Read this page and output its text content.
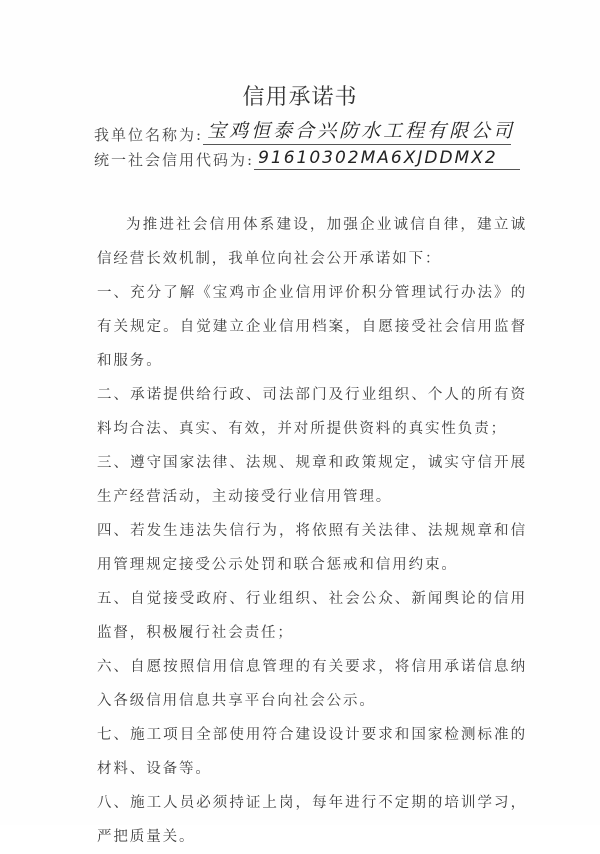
信用承诺书
我单位名称为: 宝鸡恒泰合兴防水工程有限公司
统一社会信用代码为: 91610302MA6XJDDMX2

为推进社会信用体系建设，加强企业诚信自律，建立诚信经营长效机制，我单位向社会公开承诺如下：

一、充分了解《宝鸡市企业信用评价积分管理试行办法》的有关规定。自觉建立企业信用档案，自愿接受社会信用监督和服务。

二、承诺提供给行政、司法部门及行业组织、个人的所有资料均合法、真实、有效，并对所提供资料的真实性负责；

三、遵守国家法律、法规、规章和政策规定，诚实守信开展生产经营活动，主动接受行业信用管理。

四、若发生违法失信行为，将依照有关法律、法规规章和信用管理规定接受公示处罚和联合惩戒和信用约束。

五、自觉接受政府、行业组织、社会公众、新闻舆论的信用监督，积极履行社会责任；

六、自愿按照信用信息管理的有关要求，将信用承诺信息纳入各级信用信息共享平台向社会公示。

七、施工项目全部使用符合建设设计要求和国家检测标准的材料、设备等。

八、施工人员必须持证上岗，每年进行不定期的培训学习，严把质量关。
